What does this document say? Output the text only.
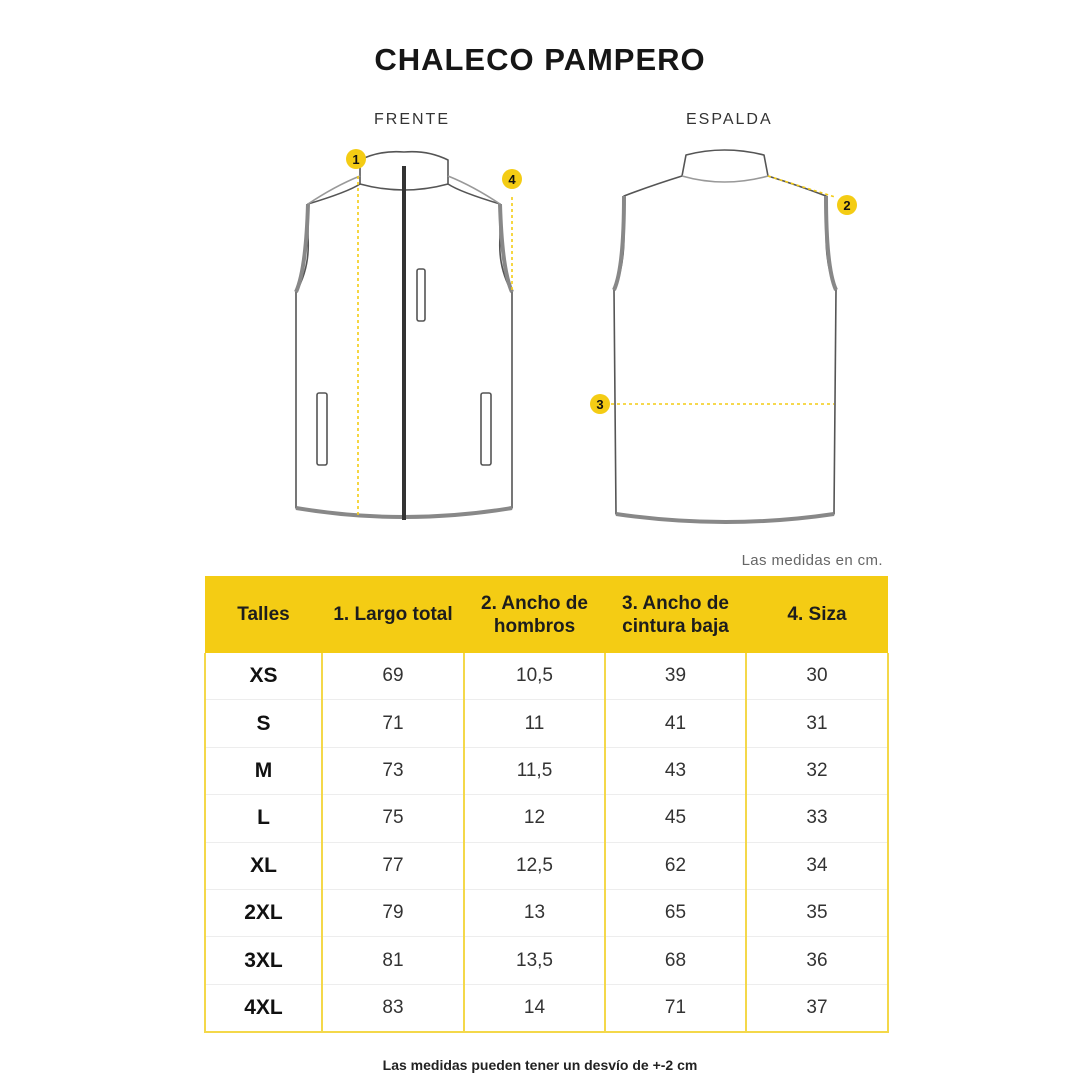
CHALECO PAMPERO
FRENTE	ESPALDA
1
4
2
3
Las medidas en cm.
Talles	1. Largo total	2. Ancho de hombros	3. Ancho de cintura baja	4. Siza
XS	69	10,5	39	30
S	71	11	41	31
M	73	11,5	43	32
L	75	12	45	33
XL	77	12,5	62	34
2XL	79	13	65	35
3XL	81	13,5	68	36
4XL	83	14	71	37
Las medidas pueden tener un desvío de +-2 cm
